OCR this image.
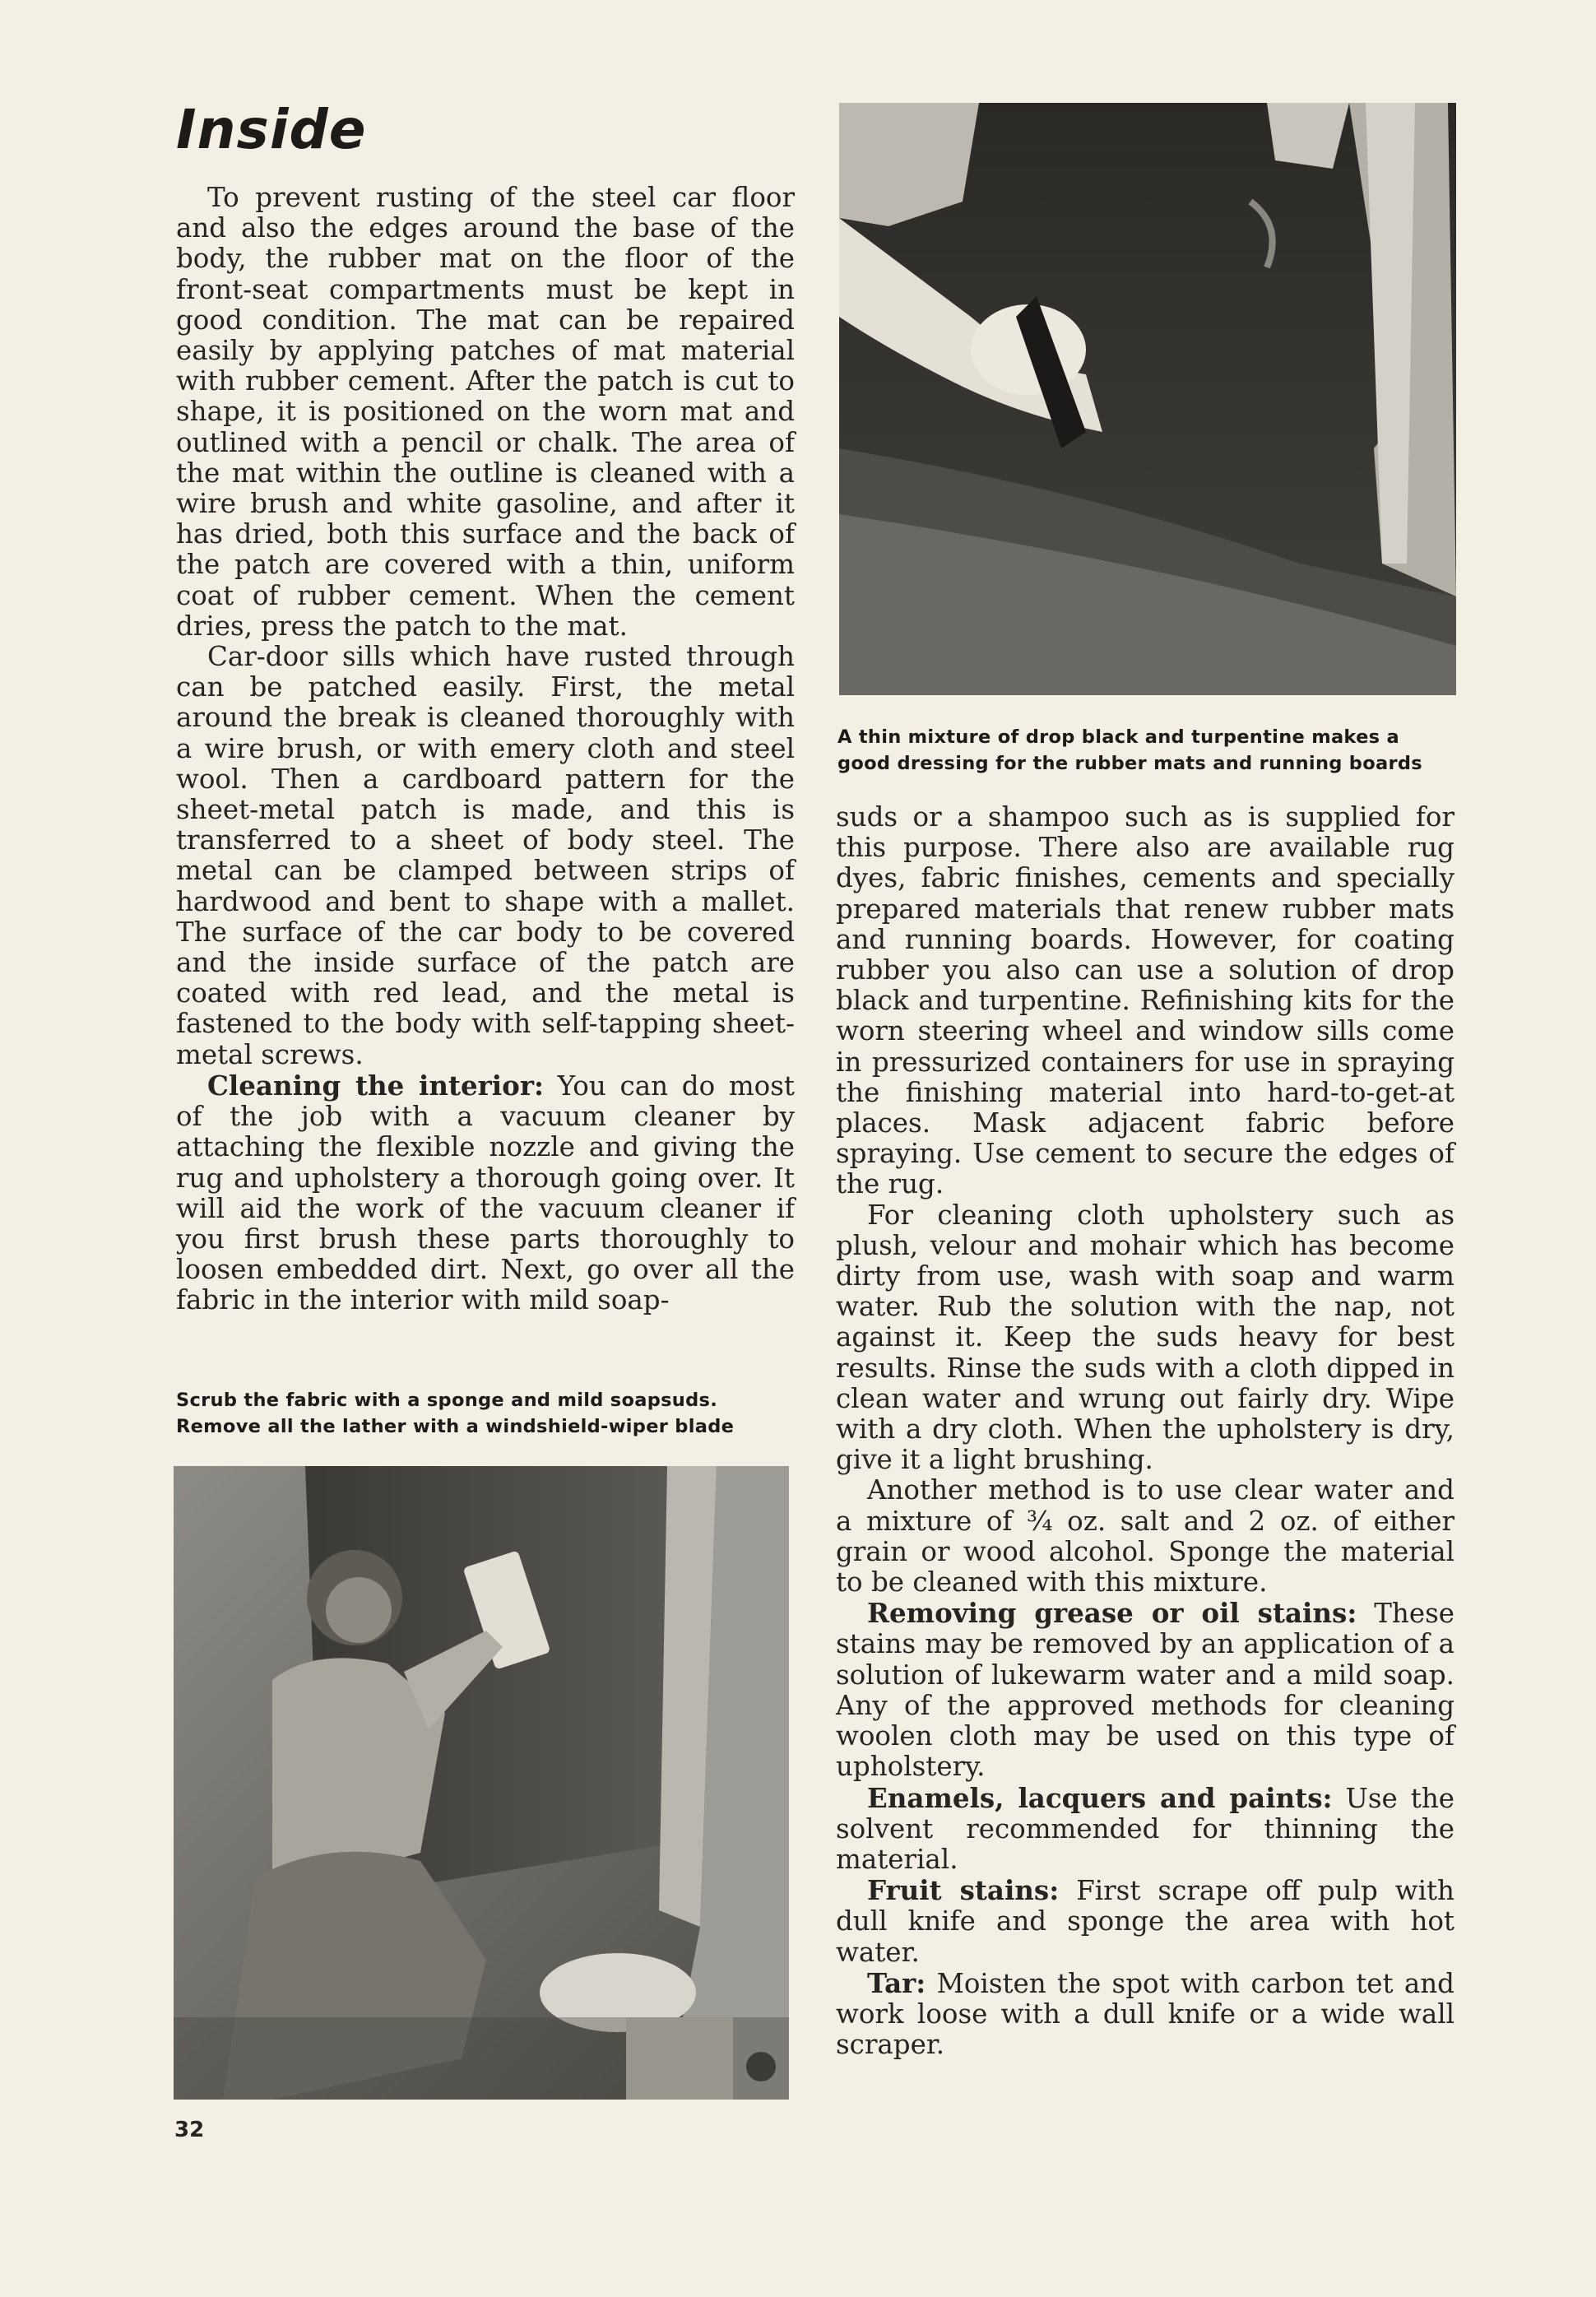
Inside

To prevent rusting of the steel car floor and also the edges around the base of the body, the rubber mat on the floor of the front-seat compartments must be kept in good condition. The mat can be repaired easily by applying patches of mat material with rubber cement. After the patch is cut to shape, it is positioned on the worn mat and outlined with a pencil or chalk. The area of the mat within the outline is cleaned with a wire brush and white gasoline, and after it has dried, both this surface and the back of the patch are covered with a thin, uniform coat of rubber cement. When the cement dries, press the patch to the mat.

Car-door sills which have rusted through can be patched easily. First, the metal around the break is cleaned thoroughly with a wire brush, or with emery cloth and steel wool. Then a cardboard pattern for the sheet-metal patch is made, and this is transferred to a sheet of body steel. The metal can be clamped between strips of hardwood and bent to shape with a mallet. The surface of the car body to be covered and the inside surface of the patch are coated with red lead, and the metal is fastened to the body with self-tapping sheet-metal screws.

Cleaning the interior: You can do most of the job with a vacuum cleaner by attaching the flexible nozzle and giving the rug and upholstery a thorough going over. It will aid the work of the vacuum cleaner if you first brush these parts thoroughly to loosen embedded dirt. Next, go over all the fabric in the interior with mild soap-

Scrub the fabric with a sponge and mild soapsuds. Remove all the lather with a windshield-wiper blade
32
A thin mixture of drop black and turpentine makes a good dressing for the rubber mats and running boards

suds or a shampoo such as is supplied for this purpose. There also are available rug dyes, fabric finishes, cements and specially prepared materials that renew rubber mats and running boards. However, for coating rubber you also can use a solution of drop black and turpentine. Refinishing kits for the worn steering wheel and window sills come in pressurized containers for use in spraying the finishing material into hard-to-get-at places. Mask adjacent fabric before spraying. Use cement to secure the edges of the rug.

For cleaning cloth upholstery such as plush, velour and mohair which has become dirty from use, wash with soap and warm water. Rub the solution with the nap, not against it. Keep the suds heavy for best results. Rinse the suds with a cloth dipped in clean water and wrung out fairly dry. Wipe with a dry cloth. When the upholstery is dry, give it a light brushing.

Another method is to use clear water and a mixture of ¾ oz. salt and 2 oz. of either grain or wood alcohol. Sponge the material to be cleaned with this mixture.

Removing grease or oil stains: These stains may be removed by an application of a solution of lukewarm water and a mild soap. Any of the approved methods for cleaning woolen cloth may be used on this type of upholstery.

Enamels, lacquers and paints: Use the solvent recommended for thinning the material.

Fruit stains: First scrape off pulp with dull knife and sponge the area with hot water.

Tar: Moisten the spot with carbon tet and work loose with a dull knife or a wide wall scraper.
